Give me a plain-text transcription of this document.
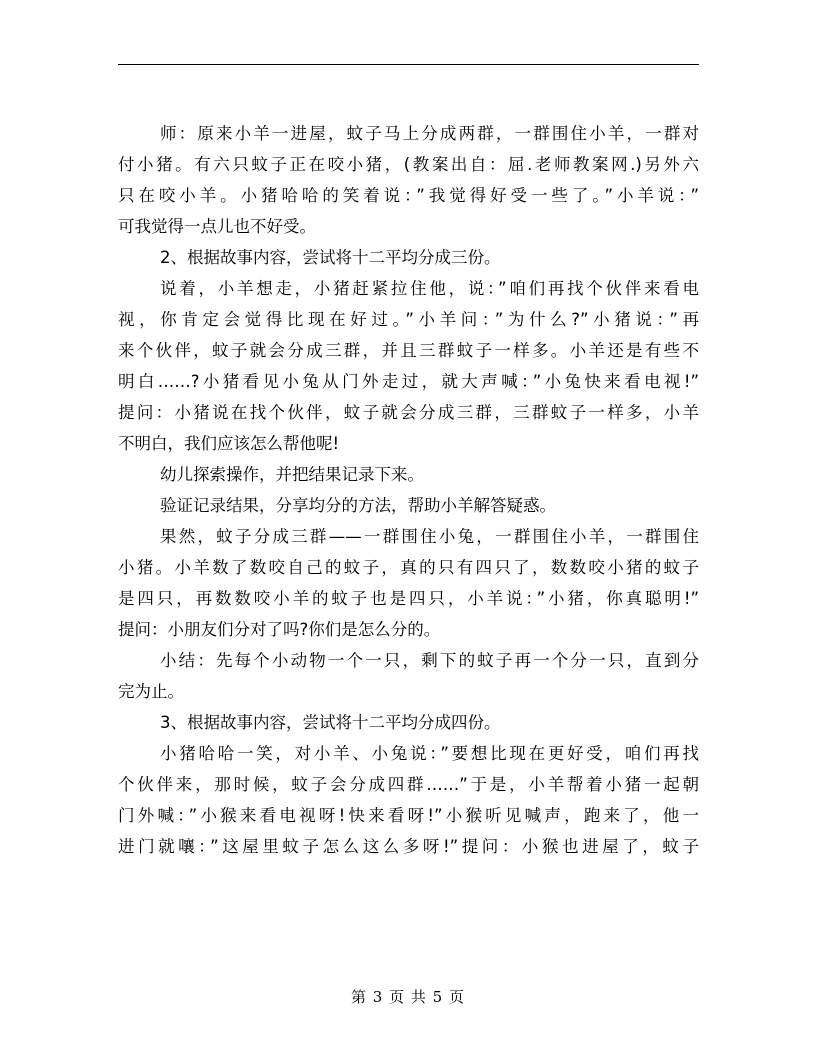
师：原来小羊一进屋，蚊子马上分成两群，一群围住小羊，一群对
付小猪。有六只蚊子正在咬小猪，(教案出自：屈.老师教案网.)另外六
只在咬小羊。小猪哈哈的笑着说：”我觉得好受一些了。”小羊说：”
可我觉得一点儿也不好受。
2、根据故事内容，尝试将十二平均分成三份。
说着，小羊想走，小猪赶紧拉住他，说：”咱们再找个伙伴来看电
视，你肯定会觉得比现在好过。”小羊问：”为什么?”小猪说：”再
来个伙伴，蚊子就会分成三群，并且三群蚊子一样多。小羊还是有些不
明白……?小猪看见小兔从门外走过，就大声喊：”小兔快来看电视!”
提问：小猪说在找个伙伴，蚊子就会分成三群，三群蚊子一样多，小羊
不明白，我们应该怎么帮他呢!
幼儿探索操作，并把结果记录下来。
验证记录结果，分享均分的方法，帮助小羊解答疑惑。
果然，蚊子分成三群——一群围住小兔，一群围住小羊，一群围住
小猪。小羊数了数咬自己的蚊子，真的只有四只了，数数咬小猪的蚊子
是四只，再数数咬小羊的蚊子也是四只，小羊说：”小猪，你真聪明!”
提问：小朋友们分对了吗?你们是怎么分的。
小结：先每个小动物一个一只，剩下的蚊子再一个分一只，直到分
完为止。
3、根据故事内容，尝试将十二平均分成四份。
小猪哈哈一笑，对小羊、小兔说：”要想比现在更好受，咱们再找
个伙伴来，那时候，蚊子会分成四群……”于是，小羊帮着小猪一起朝
门外喊：”小猴来看电视呀!快来看呀!”小猴听见喊声，跑来了，他一
进门就嚷：”这屋里蚊子怎么这么多呀!”提问：小猴也进屋了，蚊子
第 3 页 共 5 页
